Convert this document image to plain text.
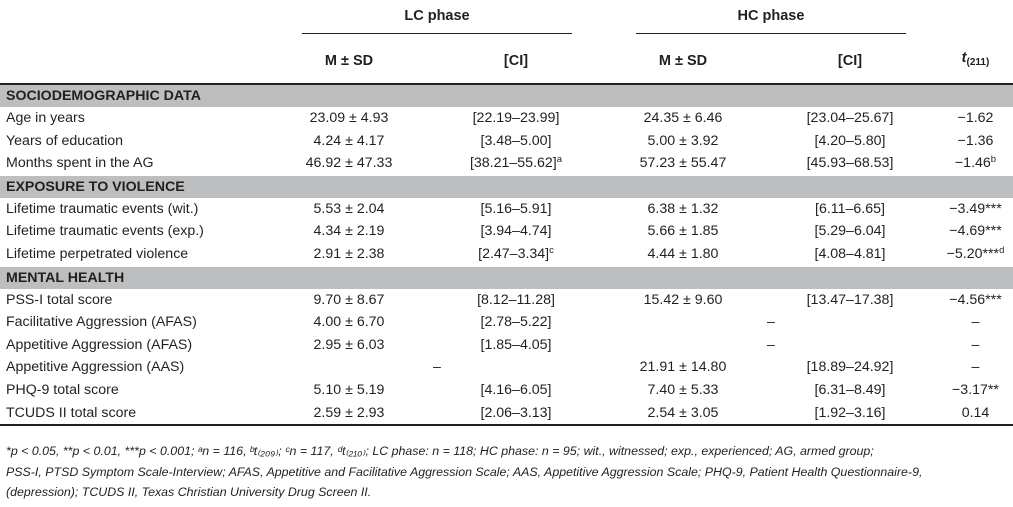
	LC phase		HC phase		
	M ± SD	[CI]	M ± SD	[CI]	$t_{(211)}$
SOCIODEMOGRAPHIC DATA					
Age in years	23.09 ± 4.93	[22.19–23.99]	24.35 ± 6.46	[23.04–25.67]	−1.62
Years of education	4.24 ± 4.17	[3.48–5.00]	5.00 ± 3.92	[4.20–5.80]	−1.36
Months spent in the AG	46.92 ± 47.33	$[38.21-55.62]^a$	57.23 ± 55.47	[45.93–68.53]	−1.46$^b$
EXPOSURE TO VIOLENCE					
Lifetime traumatic events (wit.)	5.53 ± 2.04	[5.16–5.91]	6.38 ± 1.32	[6.11–6.65]	−3.49***
Lifetime traumatic events (exp.)	4.34 ± 2.19	[3.94–4.74]	5.66 ± 1.85	[5.29–6.04]	−4.69***
Lifetime perpetrated violence	2.91 ± 2.38	$[2.47-3.34]^c$	4.44 ± 1.80	[4.08–4.81]	−5.20***$^d$
MENTAL HEALTH					
PSS-I total score	9.70 ± 8.67	[8.12–11.28]	15.42 ± 9.60	[13.47–17.38]	−4.56***
Facilitative Aggression (AFAS)	4.00 ± 6.70	[2.78–5.22]	–		–
Appetitive Aggression (AFAS)	2.95 ± 6.03	[1.85–4.05]	–		–
Appetitive Aggression (AAS)	–		21.91 ± 14.80	[18.89–24.92]	–
PHQ-9 total score	5.10 ± 5.19	[4.16–6.05]	7.40 ± 5.33	[6.31–8.49]	−3.17**
TCUDS II total score	2.59 ± 2.93	[2.06–3.13]	2.54 ± 3.05	[1.92–3.16]	0.14
*p < 0.05, **p < 0.01, ***p < 0.001; ᵃn = 116, ᵇt₍₂₀₉₎; ᶜn = 117, ᵈt₍₂₁₀₎; LC phase: n = 118; HC phase: n = 95; wit., witnessed; exp., experienced; AG, armed group;
PSS-I, PTSD Symptom Scale-Interview; AFAS, Appetitive and Facilitative Aggression Scale; AAS, Appetitive Aggression Scale; PHQ-9, Patient Health Questionnaire-9,
(depression); TCUDS II, Texas Christian University Drug Screen II.
